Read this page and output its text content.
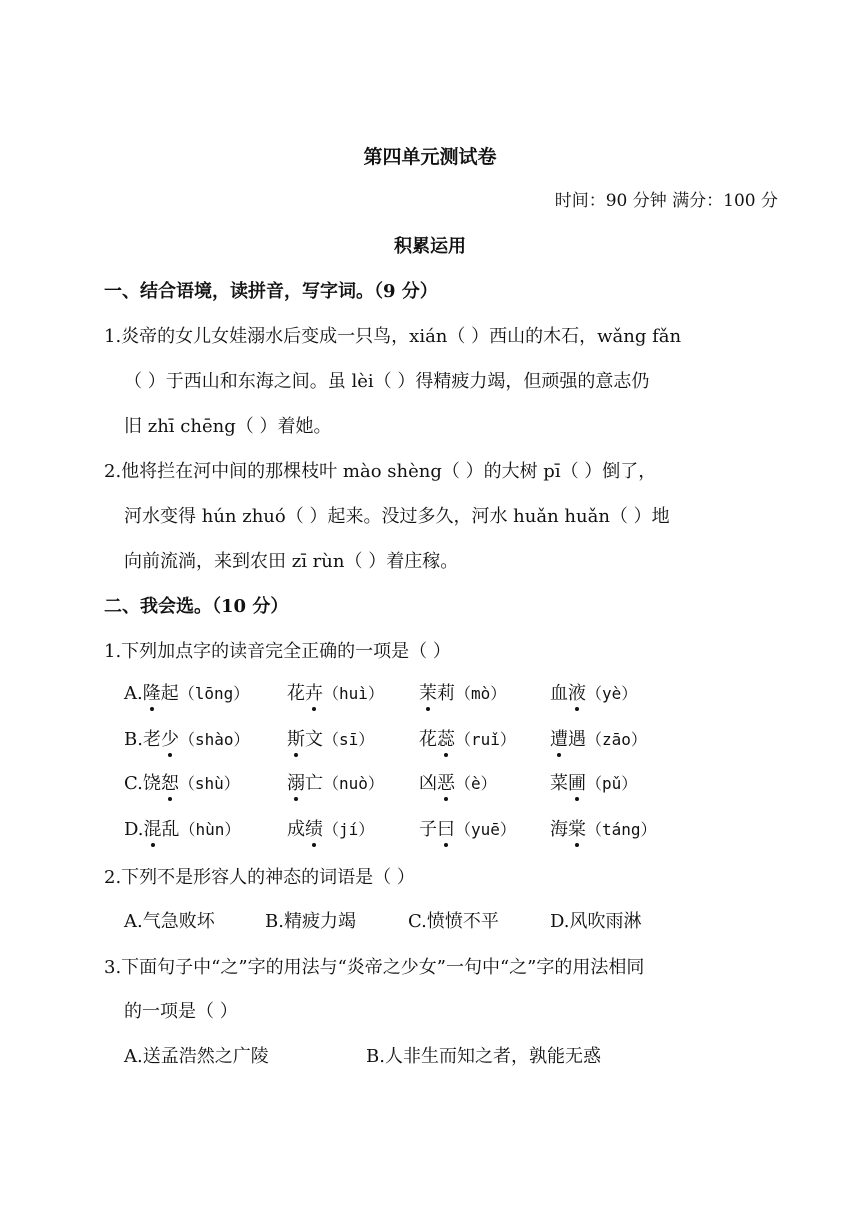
第四单元测试卷
时间：90 分钟 满分：100 分
积累运用
一、结合语境，读拼音，写字词。（9 分）
1.炎帝的女儿女娃溺水后变成一只鸟，xián（ ）西山的木石，wǎng fǎn
（ ）于西山和东海之间。虽 lèi（ ）得精疲力竭，但顽强的意志仍
旧 zhī chēng（ ）着她。
2.他将拦在河中间的那棵枝叶 mào shèng（ ）的大树 pī（ ）倒了，
河水变得 hún zhuó（ ）起来。没过多久，河水 huǎn huǎn（ ）地
向前流淌，来到农田 zī rùn（ ）着庄稼。
二、我会选。（10 分）
1.下列加点字的读音完全正确的一项是（ ）
A.隆起（lōng） 花卉（huì） 茉莉（mò） 血液（yè）
B.老少（shào） 斯文（sī） 花蕊（ruǐ） 遭遇（zāo）
C.饶恕（shù）	溺亡（nuò） 凶恶（è）	菜圃（pǔ）
D.混乱（hùn）	成绩（jí） 子曰（yuē） 海棠（táng）
2.下列不是形容人的神态的词语是（ ）
A.气急败坏	B.精疲力竭	C.愤愤不平	D.风吹雨淋
3.下面句子中“之”字的用法与“炎帝之少女”一句中“之”字的用法相同
的一项是（ ）
A.送孟浩然之广陵	B.人非生而知之者，孰能无惑
